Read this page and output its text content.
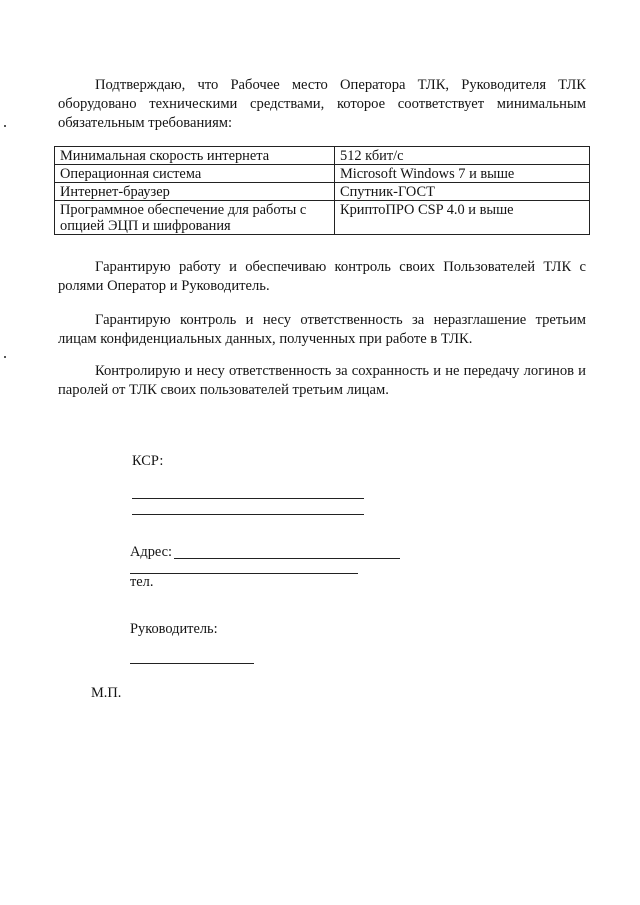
Подтверждаю, что Рабочее место Оператора ТЛК, Руководителя ТЛК оборудовано техническими средствами, которое соответствует минимальным обязательным требованиям:

Минимальная скорость интернета	512 кбит/с
Операционная система	Microsoft Windows 7 и выше
Интернет-браузер	Спутник-ГОСТ
Программное обеспечение для работы с опцией ЭЦП и шифрования	КриптоПРО CSP 4.0 и выше

Гарантирую работу и обеспечиваю контроль своих Пользователей ТЛК с ролями Оператор и Руководитель.

Гарантирую контроль и несу ответственность за неразглашение третьим лицам конфиденциальных данных, полученных при работе в ТЛК.

Контролирую и несу ответственность за сохранность и не передачу логинов и паролей от ТЛК своих пользователей третьим лицам.

КСР:
Адрес:
тел.
Руководитель:
М.П.
